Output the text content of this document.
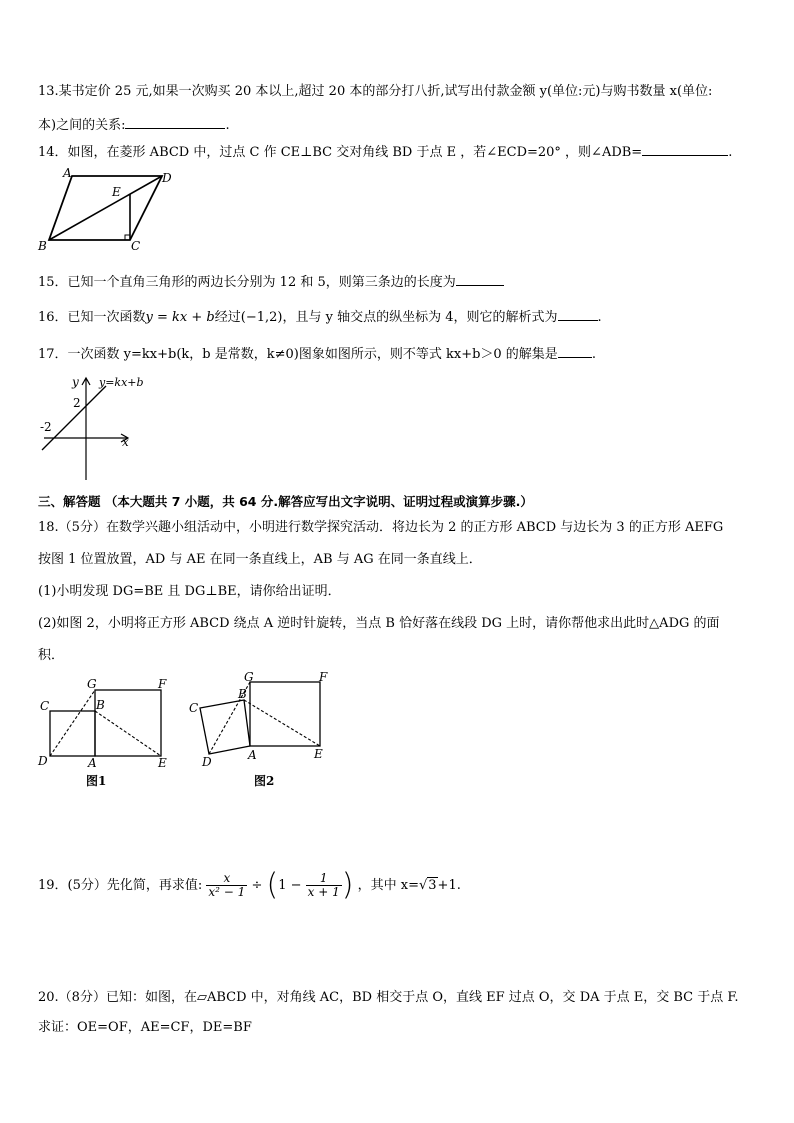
13.某书定价 25 元,如果一次购买 20 本以上,超过 20 本的部分打八折,试写出付款金额 y(单位:元)与购书数量 x(单位:
本)之间的关系:	.
14．如图，在菱形 ABCD 中，过点 C 作 CE⊥BC 交对角线 BD 于点 E ，若∠ECD=20° ，则∠ADB=	.
A	D
E
B	C
15．已知一个直角三角形的两边长分别为 12 和 5，则第三条边的长度为
16．已知一次函数y = kx + b经过(−1,2)，且与 y 轴交点的纵坐标为 4，则它的解析式为	.
17．一次函数 y=kx+b(k，b 是常数，k≠0)图象如图所示，则不等式 kx+b＞0 的解集是	.
y y=kx+b
2
-2
x
三、解答题 （本大题共 7 小题，共 64 分.解答应写出文字说明、证明过程或演算步骤.）
18.（5分）在数学兴趣小组活动中，小明进行数学探究活动．将边长为 2 的正方形 ABCD 与边长为 3 的正方形 AEFG
按图 1 位置放置，AD 与 AE 在同一条直线上，AB 与 AG 在同一条直线上．
(1)小明发现 DG=BE 且 DG⊥BE，请你给出证明．
(2)如图 2，小明将正方形 ABCD 绕点 A 逆时针旋转，当点 B 恰好落在线段 DG 上时，请你帮他求出此时△ADG 的面
积．
G	F
C	B
D	A	E
图1
G	F
B
C
A
D
E
图2
19．(5分）先化简，再求值: $\frac{x}{\text{x² − 1}} \div (1 - \frac{1}{x + 1}$ ) ，其中 x=√3+1.
20.（8分）已知：如图，在▱ABCD 中，对角线 AC，BD 相交于点 O，直线 EF 过点 O，交 DA 于点 E，交 BC 于点 F.
求证：OE=OF，AE=CF，DE=BF
